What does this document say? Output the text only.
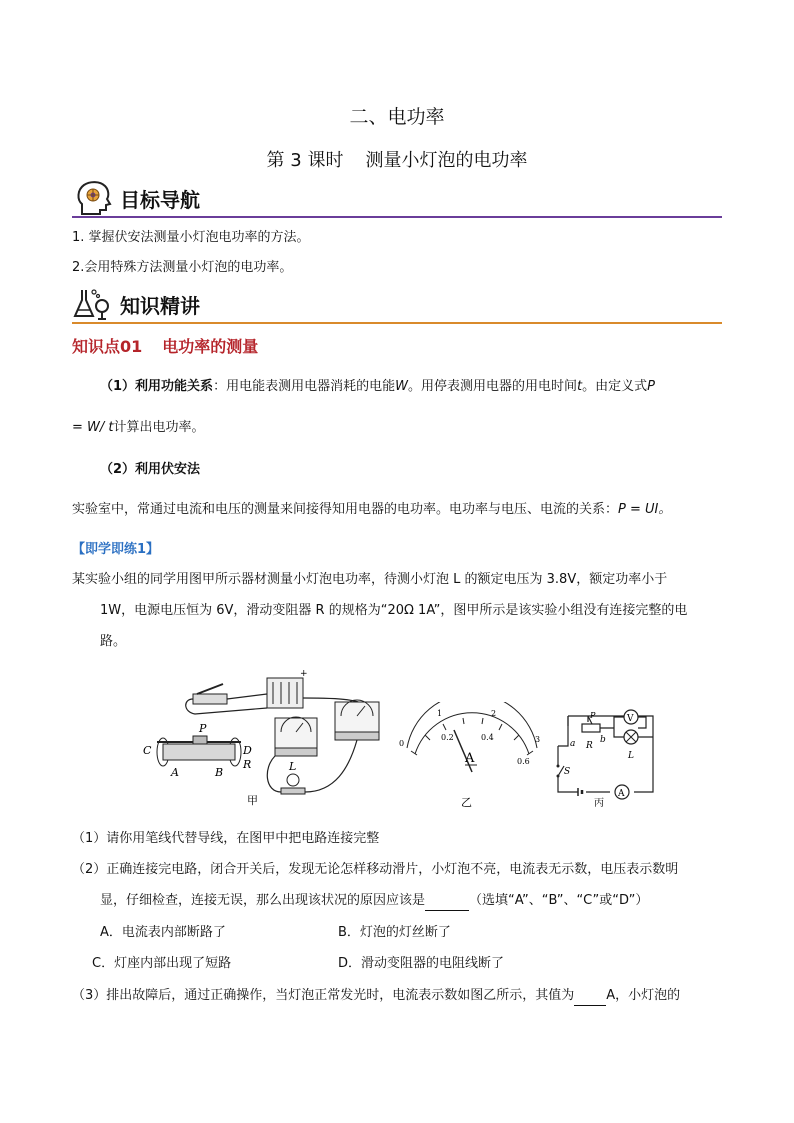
二、电功率
第 3 课时 测量小灯泡的电功率
目标导航
1. 掌握伏安法测量小灯泡电功率的方法。
2.会用特殊方法测量小灯泡的电功率。
知识精讲
知识点01 电功率的测量
（1）利用功能关系：用电能表测用电器消耗的电能W。用停表测用电器的用电时间t。由定义式P
= W/ t计算出电功率。
（2）利用伏安法
实验室中，常通过电流和电压的测量来间接得知用电器的电功率。电功率与电压、电流的关系：P = UI。
【即学即练1】
某实验小组的同学用图甲所示器材测量小灯泡电功率，待测小灯泡 L 的额定电压为 3.8V，额定功率小于
1W，电源电压恒为 6V，滑动变阻器 R 的规格为“20Ω 1A”，图甲所示是该实验小组没有连接完整的电
路。
+
C	D
A	B
P
R	L
甲
0
0.2	0.4
0.6
1	2
3
A
乙
P
a	b
R
V
L
S
A
丙
（1）请你用笔线代替导线，在图甲中把电路连接完整
（2）正确连接完电路，闭合开关后，发现无论怎样移动滑片，小灯泡不亮，电流表无示数，电压表示数明
显，仔细检查，连接无误，那么出现该状况的原因应该是	（选填“A”、“B”、“C”或“D”）
A．电流表内部断路了	B．灯泡的灯丝断了
C．灯座内部出现了短路	D．滑动变阻器的电阻线断了
（3）排出故障后，通过正确操作，当灯泡正常发光时，电流表示数如图乙所示，其值为 A，小灯泡的
